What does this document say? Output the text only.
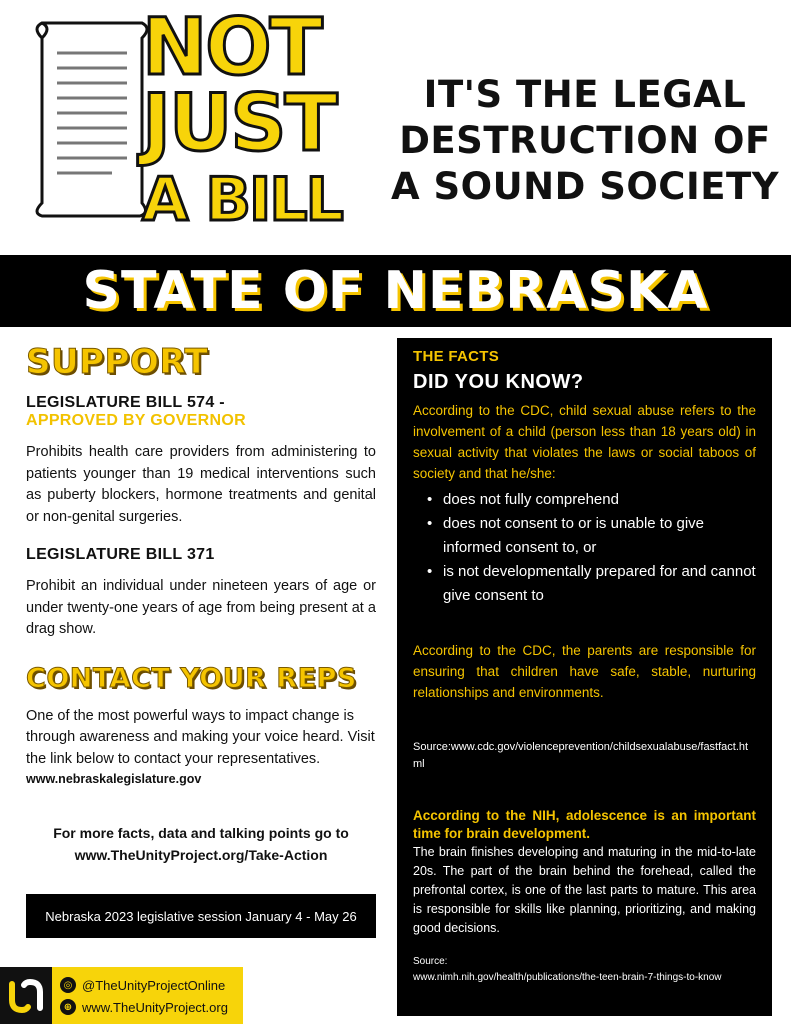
NOT
JUST
A BILL
IT'S THE LEGAL
DESTRUCTION OF
A SOUND SOCIETY
STATE OF NEBRASKA
SUPPORT
LEGISLATURE BILL 574 -
APPROVED BY GOVERNOR

Prohibits health care providers from administering to patients younger than 19 medical interventions such as puberty blockers, hormone treatments and genital or non-genital surgeries.

LEGISLATURE BILL 371

Prohibit an individual under nineteen years of age or under twenty-one years of age from being present at a drag show.

CONTACT YOUR REPS

One of the most powerful ways to impact change is through awareness and making your voice heard. Visit the link below to contact your representatives.

www.nebraskalegislature.gov
For more facts, data and talking points go to
www.TheUnityProject.org/Take-Action
Nebraska 2023 legislative session January 4 - May 26
◎ @TheUnityProjectOnline
⊕ www.TheUnityProject.org
THE FACTS
DID YOU KNOW?

According to the CDC, child sexual abuse refers to the involvement of a child (person less than 18 years old) in sexual activity that violates the laws or social taboos of society and that he/she:

• does not fully comprehend
• does not consent to or is unable to give informed consent to, or
• is not developmentally prepared for and cannot give consent to

According to the CDC, the parents are responsible for ensuring that children have safe, stable, nurturing relationships and environments.

Source:www.cdc.gov/violenceprevention/childsexualabuse/fastfact.html

According to the NIH, adolescence is an important time for brain development.

The brain finishes developing and maturing in the mid-to-late 20s. The part of the brain behind the forehead, called the prefrontal cortex, is one of the last parts to mature. This area is responsible for skills like planning, prioritizing, and making good decisions.

Source:
www.nimh.nih.gov/health/publications/the-teen-brain-7-things-to-know
